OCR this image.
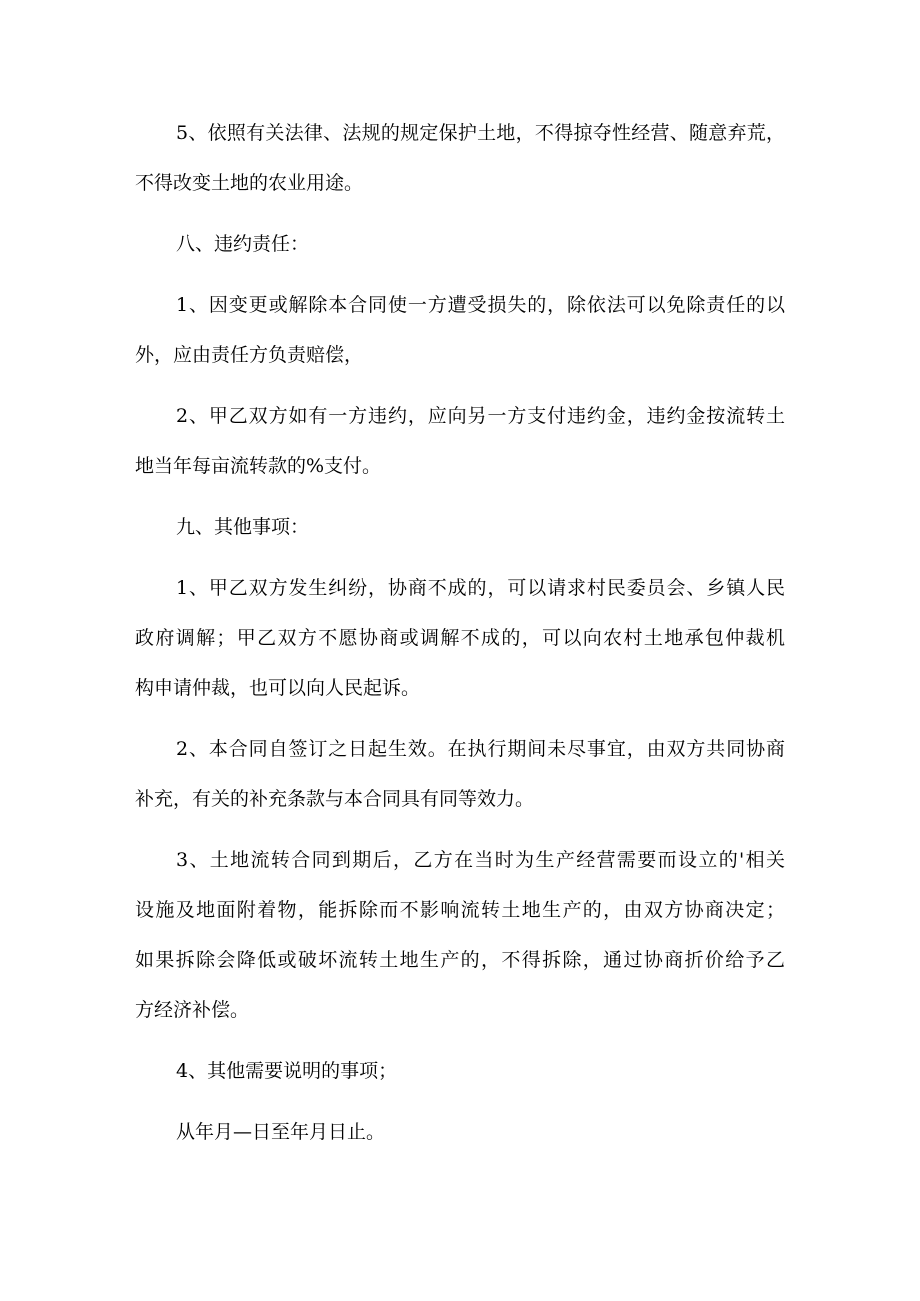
5、依照有关法律、法规的规定保护土地，不得掠夺性经营、随意弃荒，
不得改变土地的农业用途。
八、违约责任：
1、因变更或解除本合同使一方遭受损失的，除依法可以免除责任的以
外，应由责任方负责赔偿，
2、甲乙双方如有一方违约，应向另一方支付违约金，违约金按流转土
地当年每亩流转款的%支付。
九、其他事项：
1、甲乙双方发生纠纷，协商不成的，可以请求村民委员会、乡镇人民
政府调解；甲乙双方不愿协商或调解不成的，可以向农村土地承包仲裁机
构申请仲裁，也可以向人民起诉。
2、本合同自签订之日起生效。在执行期间未尽事宜，由双方共同协商
补充，有关的补充条款与本合同具有同等效力。
3、土地流转合同到期后，乙方在当时为生产经营需要而设立的'相关
设施及地面附着物，能拆除而不影响流转土地生产的，由双方协商决定；
如果拆除会降低或破坏流转土地生产的，不得拆除，通过协商折价给予乙
方经济补偿。
4、其他需要说明的事项；
从年月—日至年月日止。
